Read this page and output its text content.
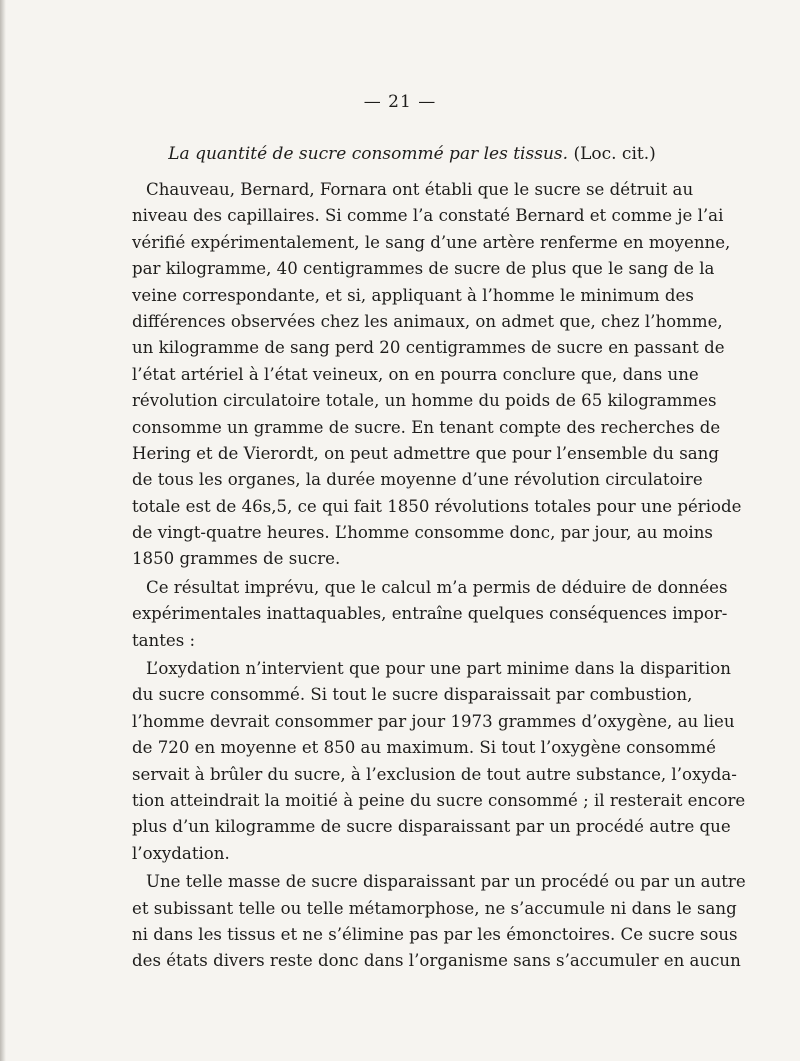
— 21 —
La quantité de sucre consommé par les tissus. (Loc. cit.)
Chauveau, Bernard, Fornara ont établi que le sucre se détruit au
niveau des capillaires. Si comme l’a constaté Bernard et comme je l’ai
vérifié expérimentalement, le sang d’une artère renferme en moyenne,
par kilogramme, 40 centigrammes de sucre de plus que le sang de la
veine correspondante, et si, appliquant à l’homme le minimum des
différences observées chez les animaux, on admet que, chez l’homme,
un kilogramme de sang perd 20 centigrammes de sucre en passant de
l’état artériel à l’état veineux, on en pourra conclure que, dans une
révolution circulatoire totale, un homme du poids de 65 kilogrammes
consomme un gramme de sucre. En tenant compte des recherches de
Hering et de Vierordt, on peut admettre que pour l’ensemble du sang
de tous les organes, la durée moyenne d’une révolution circulatoire
totale est de 46s,5, ce qui fait 1850 révolutions totales pour une période
de vingt-quatre heures. L’homme consomme donc, par jour, au moins
1850 grammes de sucre.
Ce résultat imprévu, que le calcul m’a permis de déduire de données
expérimentales inattaquables, entraîne quelques conséquences impor-
tantes :
L’oxydation n’intervient que pour une part minime dans la disparition
du sucre consommé. Si tout le sucre disparaissait par combustion,
l’homme devrait consommer par jour 1973 grammes d’oxygène, au lieu
de 720 en moyenne et 850 au maximum. Si tout l’oxygène consommé
servait à brûler du sucre, à l’exclusion de tout autre substance, l’oxyda-
tion atteindrait la moitié à peine du sucre consommé ; il resterait encore
plus d’un kilogramme de sucre disparaissant par un procédé autre que
l’oxydation.
Une telle masse de sucre disparaissant par un procédé ou par un autre
et subissant telle ou telle métamorphose, ne s’accumule ni dans le sang
ni dans les tissus et ne s’élimine pas par les émonctoires. Ce sucre sous
des états divers reste donc dans l’organisme sans s’accumuler en aucun
